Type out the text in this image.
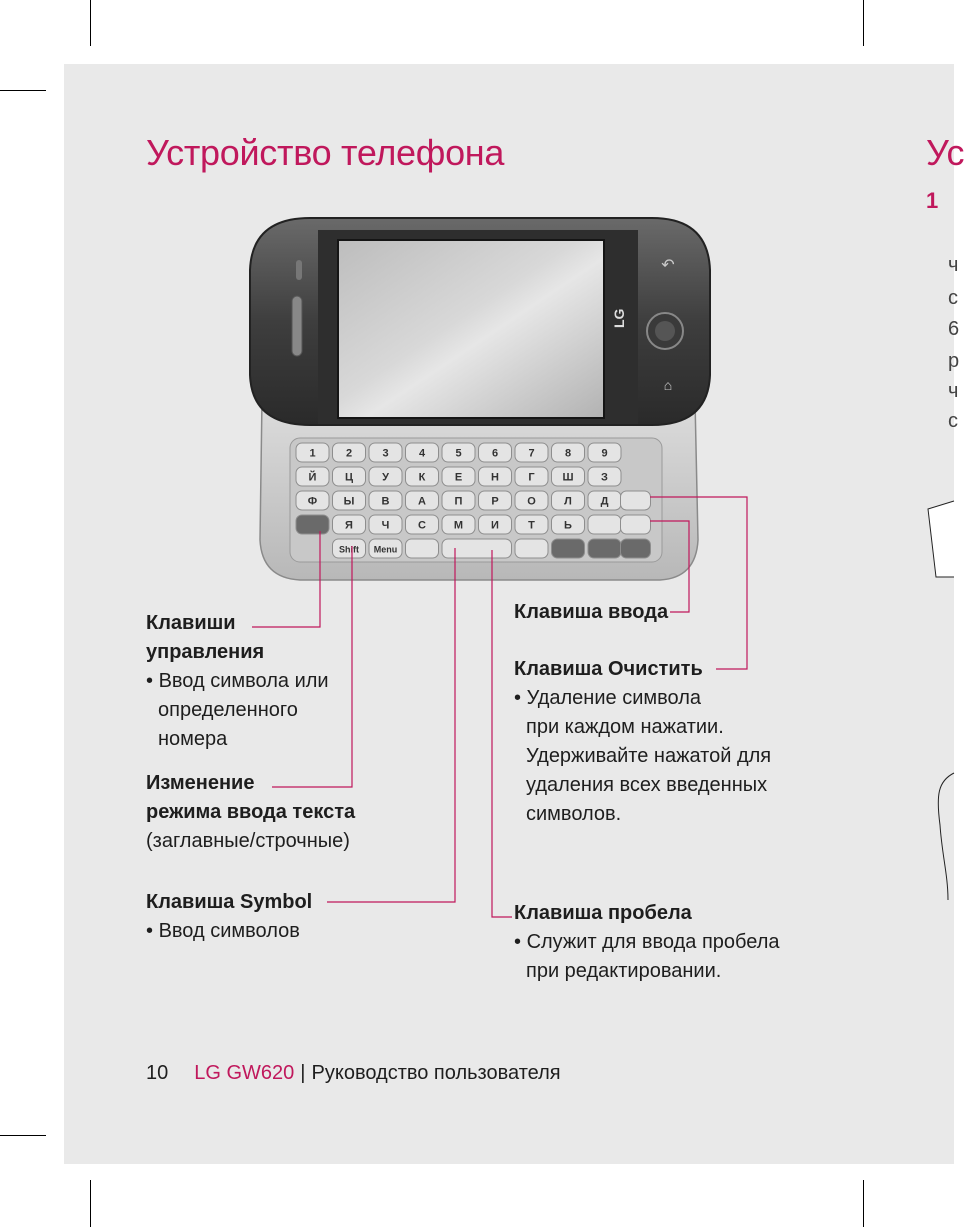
Устройство телефона	Ус
1
ч
с
6
р
ч
с
1	2	3	4	5	6	7	8	9
Й	Ц	У	К	Е	Н	Г	Ш	З
Ф Ы В	А	П	Р	О	Л	Д
Я	Ч	С	М	И	Т	Ь
Shift Menu
↶
⌂
LG
Клавиши
управления
• Ввод символа или
определенного
номера
Изменение
режима ввода текста
(заглавные/строчные)
Клавиша Symbol
• Ввод символов
Клавиша ввода
Клавиша Очистить
• Удаление символа
при каждом нажатии.
Удерживайте нажатой для
удаления всех введенных
символов.
Клавиша пробела
• Служит для ввода пробела
при редактировании.
10 LG GW620 | Руководство пользователя
